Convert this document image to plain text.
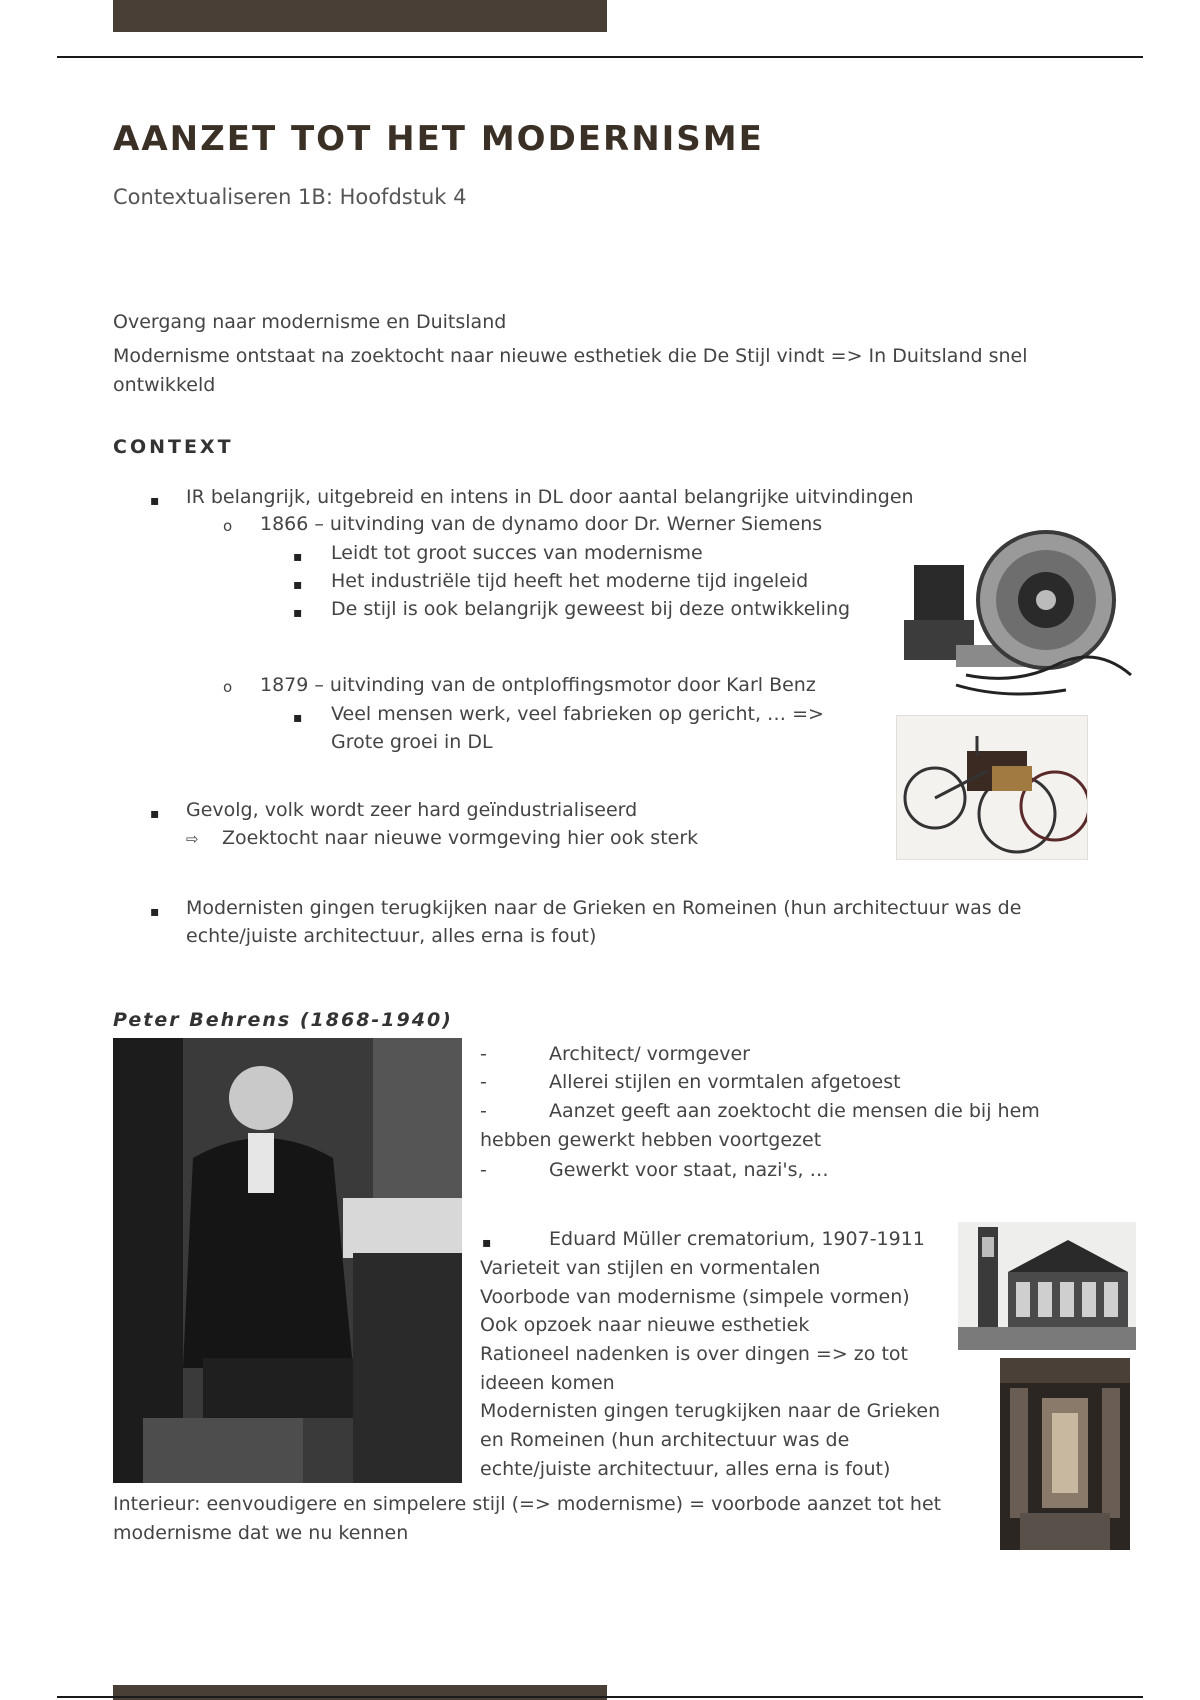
AANZET TOT HET MODERNISME
Contextualiseren 1B: Hoofdstuk 4
Overgang naar modernisme en Duitsland
Modernisme ontstaat na zoektocht naar nieuwe esthetiek die De Stijl vindt => In Duitsland snel ontwikkeld
CONTEXT
▪ IR belangrijk, uitgebreid en intens in DL door aantal belangrijke uitvindingen
o 1866 – uitvinding van de dynamo door Dr. Werner Siemens
▪ Leidt tot groot succes van modernisme
▪ Het industriële tijd heeft het moderne tijd ingeleid
▪ De stijl is ook belangrijk geweest bij deze ontwikkeling
o 1879 – uitvinding van de ontploffingsmotor door Karl Benz
▪ Veel mensen werk, veel fabrieken op gericht, … =>
Grote groei in DL
▪ Gevolg, volk wordt zeer hard geïndustrialiseerd
⇨ Zoektocht naar nieuwe vormgeving hier ook sterk
▪ Modernisten gingen terugkijken naar de Grieken en Romeinen (hun architectuur was de
echte/juiste architectuur, alles erna is fout)
Peter Behrens (1868-1940)
-	Architect/ vormgever
-	Allerei stijlen en vormtalen afgetoest
-	Aanzet geeft aan zoektocht die mensen die bij hem
hebben gewerkt hebben voortgezet
-	Gewerkt voor staat, nazi's, …
▪	Eduard Müller crematorium, 1907-1911
Varieteit van stijlen en vormentalen
Voorbode van modernisme (simpele vormen)
Ook opzoek naar nieuwe esthetiek
Rationeel nadenken is over dingen => zo tot
ideeen komen
Modernisten gingen terugkijken naar de Grieken
en Romeinen (hun architectuur was de
echte/juiste architectuur, alles erna is fout)
Interieur: eenvoudigere en simpelere stijl (=> modernisme) = voorbode aanzet tot het
modernisme dat we nu kennen
